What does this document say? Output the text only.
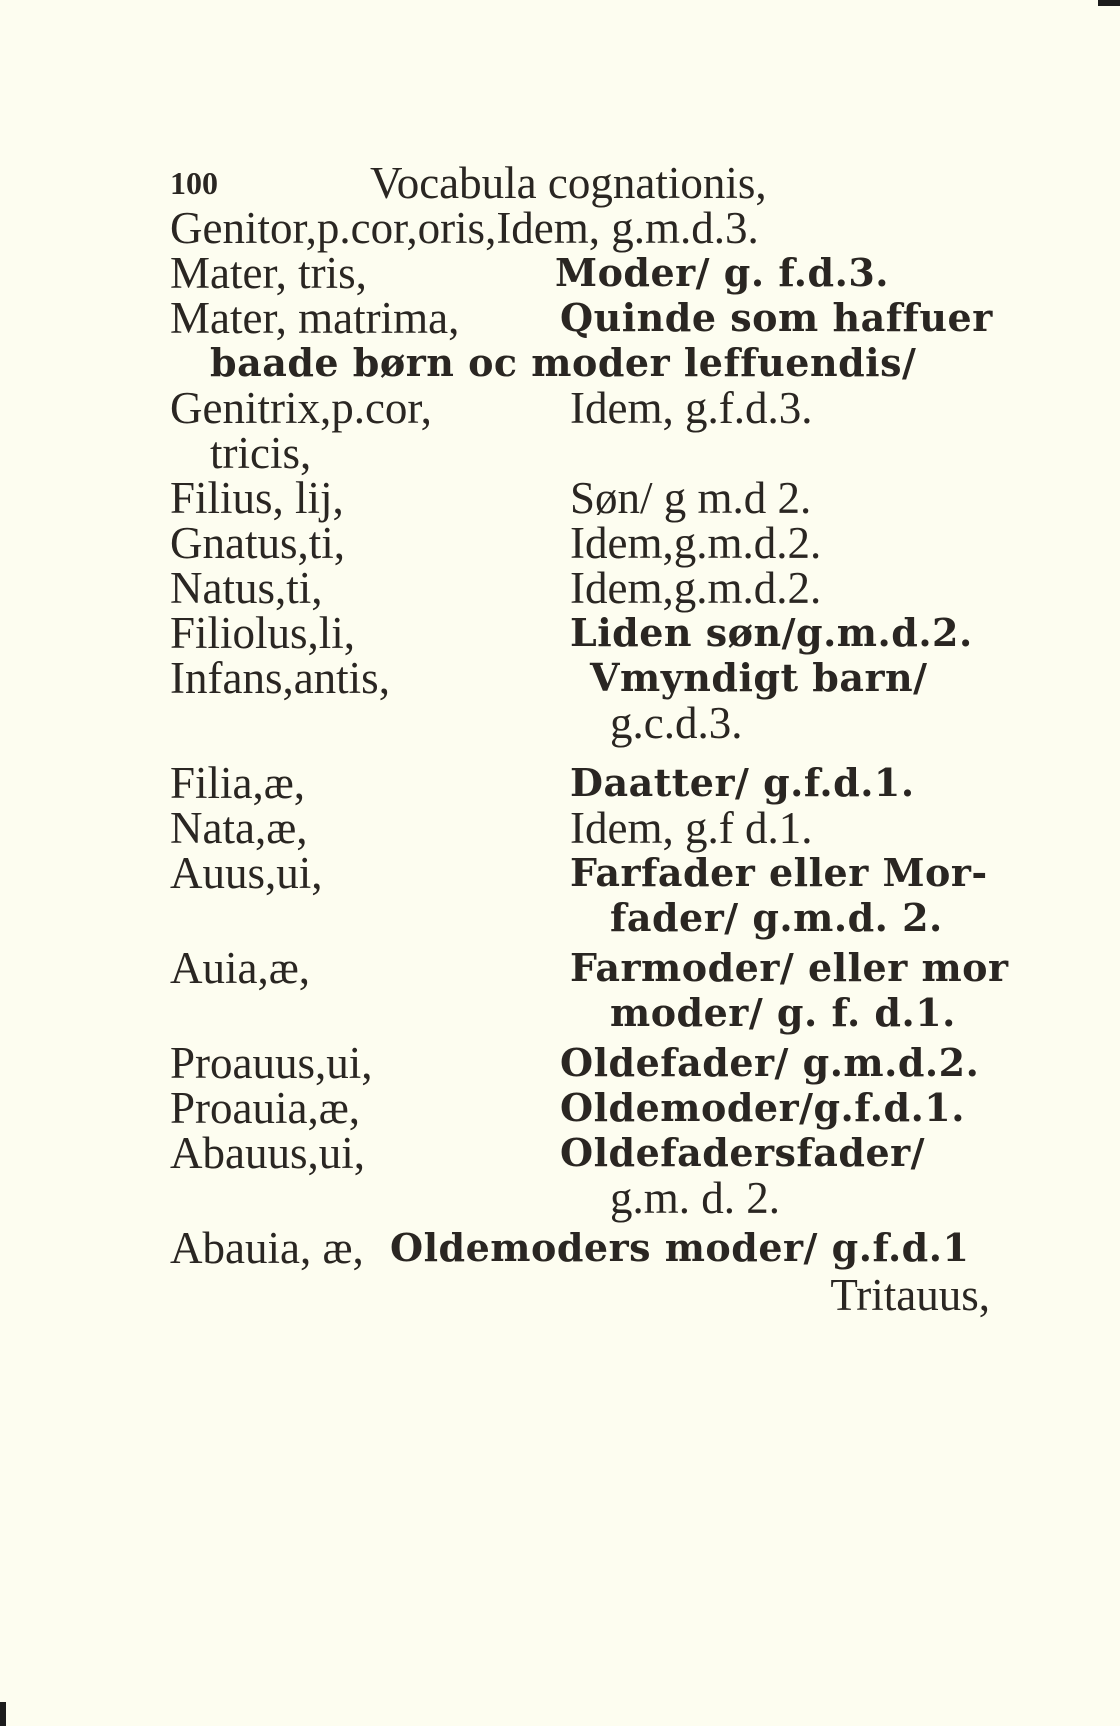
100	Vocabula cognationis,
Genitor,p.cor,oris,Idem, g.m.d.3.
Mater, tris,	Moder/ g. f.d.3.
Mater, matrima,	Quinde som haffuer
baade børn oc moder leffuendis/
Genitrix,p.cor,	Idem, g.f.d.3.
tricis,
Filius, lij,	Søn/ g m.d 2.
Gnatus,ti,	Idem,g.m.d.2.
Natus,ti,	Idem,g.m.d.2.
Filiolus,li,	Liden søn/g.m.d.2.
Infans,antis,	Vmyndigt barn/
g.c.d.3.
Filia,æ,	Daatter/ g.f.d.1.
Nata,æ,	Idem, g.f d.1.
Auus,ui,	Farfader eller Mor-
fader/ g.m.d. 2.
Auia,æ,	Farmoder/ eller mor
moder/ g. f. d.1.
Proauus,ui,	Oldefader/ g.m.d.2.
Proauia,æ,	Oldemoder/g.f.d.1.
Abauus,ui,	Oldefadersfader/
g.m. d. 2.
Abauia, æ, Oldemoders moder/ g.f.d.1
Tritauus,
